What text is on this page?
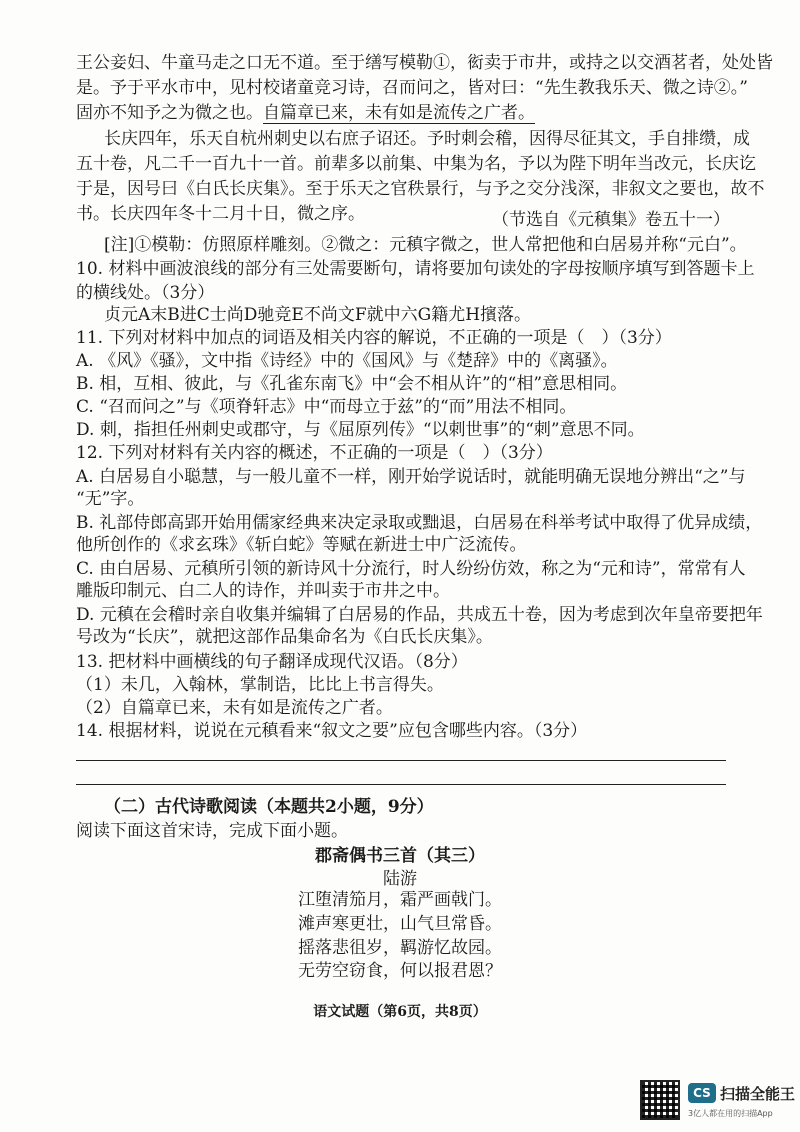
王公妾妇、牛童马走之口无不道。至于缮写模勒①，衒卖于市井，或持之以交酒茗者，处处皆
是。予于平水市中，见村校诸童竞习诗，召而问之，皆对曰：“先生教我乐天、微之诗②。”
固亦不知予之为微之也。自篇章已来，未有如是流传之广者。
长庆四年，乐天自杭州刺史以右庶子诏还。予时刺会稽，因得尽征其文，手自排缵，成
五十卷，凡二千一百九十一首。前辈多以前集、中集为名，予以为陛下明年当改元，长庆讫
于是，因号曰《白氏长庆集》。至于乐天之官秩景行，与予之交分浅深，非叙文之要也，故不
书。长庆四年冬十二月十日，微之序。	（节选自《元稹集》卷五十一）
[注]①模勒：仿照原样雕刻。②微之：元稹字微之，世人常把他和白居易并称“元白”。
10. 材料中画波浪线的部分有三处需要断句，请将要加句读处的字母按顺序填写到答题卡上
的横线处。（3分）
贞元A末B进C士尚D驰竞E不尚文F就中六G籍尤H擯落。
11. 下列对材料中加点的词语及相关内容的解说，不正确的一项是（　）（3分）
A. 《风》《骚》，文中指《诗经》中的《国风》与《楚辞》中的《离骚》。
B. 相，互相、彼此，与《孔雀东南飞》中“会不相从许”的“相”意思相同。
C. “召而问之”与《项脊轩志》中“而母立于兹”的“而”用法不相同。
D. 刺，指担任州刺史或郡守，与《屈原列传》“以刺世事”的“刺”意思不同。
12. 下列对材料有关内容的概述，不正确的一项是（　）（3分）
A. 白居易自小聪慧，与一般儿童不一样，刚开始学说话时，就能明确无误地分辨出“之”与
“无”字。
B. 礼部侍郎高郢开始用儒家经典来决定录取或黜退，白居易在科举考试中取得了优异成绩，
他所创作的《求玄珠》《斩白蛇》等赋在新进士中广泛流传。
C. 由白居易、元稹所引领的新诗风十分流行，时人纷纷仿效，称之为“元和诗”，常常有人
雕版印制元、白二人的诗作，并叫卖于市井之中。
D. 元稹在会稽时亲自收集并编辑了白居易的作品，共成五十卷，因为考虑到次年皇帝要把年
号改为“长庆”，就把这部作品集命名为《白氏长庆集》。
13. 把材料中画横线的句子翻译成现代汉语。（8分）
（1）未几，入翰林，掌制诰，比比上书言得失。
（2）自篇章已来，未有如是流传之广者。
14. 根据材料，说说在元稹看来“叙文之要”应包含哪些内容。（3分）
（二）古代诗歌阅读（本题共2小题，9分）
阅读下面这首宋诗，完成下面小题。
郡斋偶书三首（其三）
陆游
江堕清笳月，霜严画戟门。
滩声寒更壮，山气旦常昏。
摇落悲徂岁，羁游忆故园。
无劳空窃食，何以报君恩？
语文试题（第6页，共8页）
CS 扫描全能王
3亿人都在用的扫描App
